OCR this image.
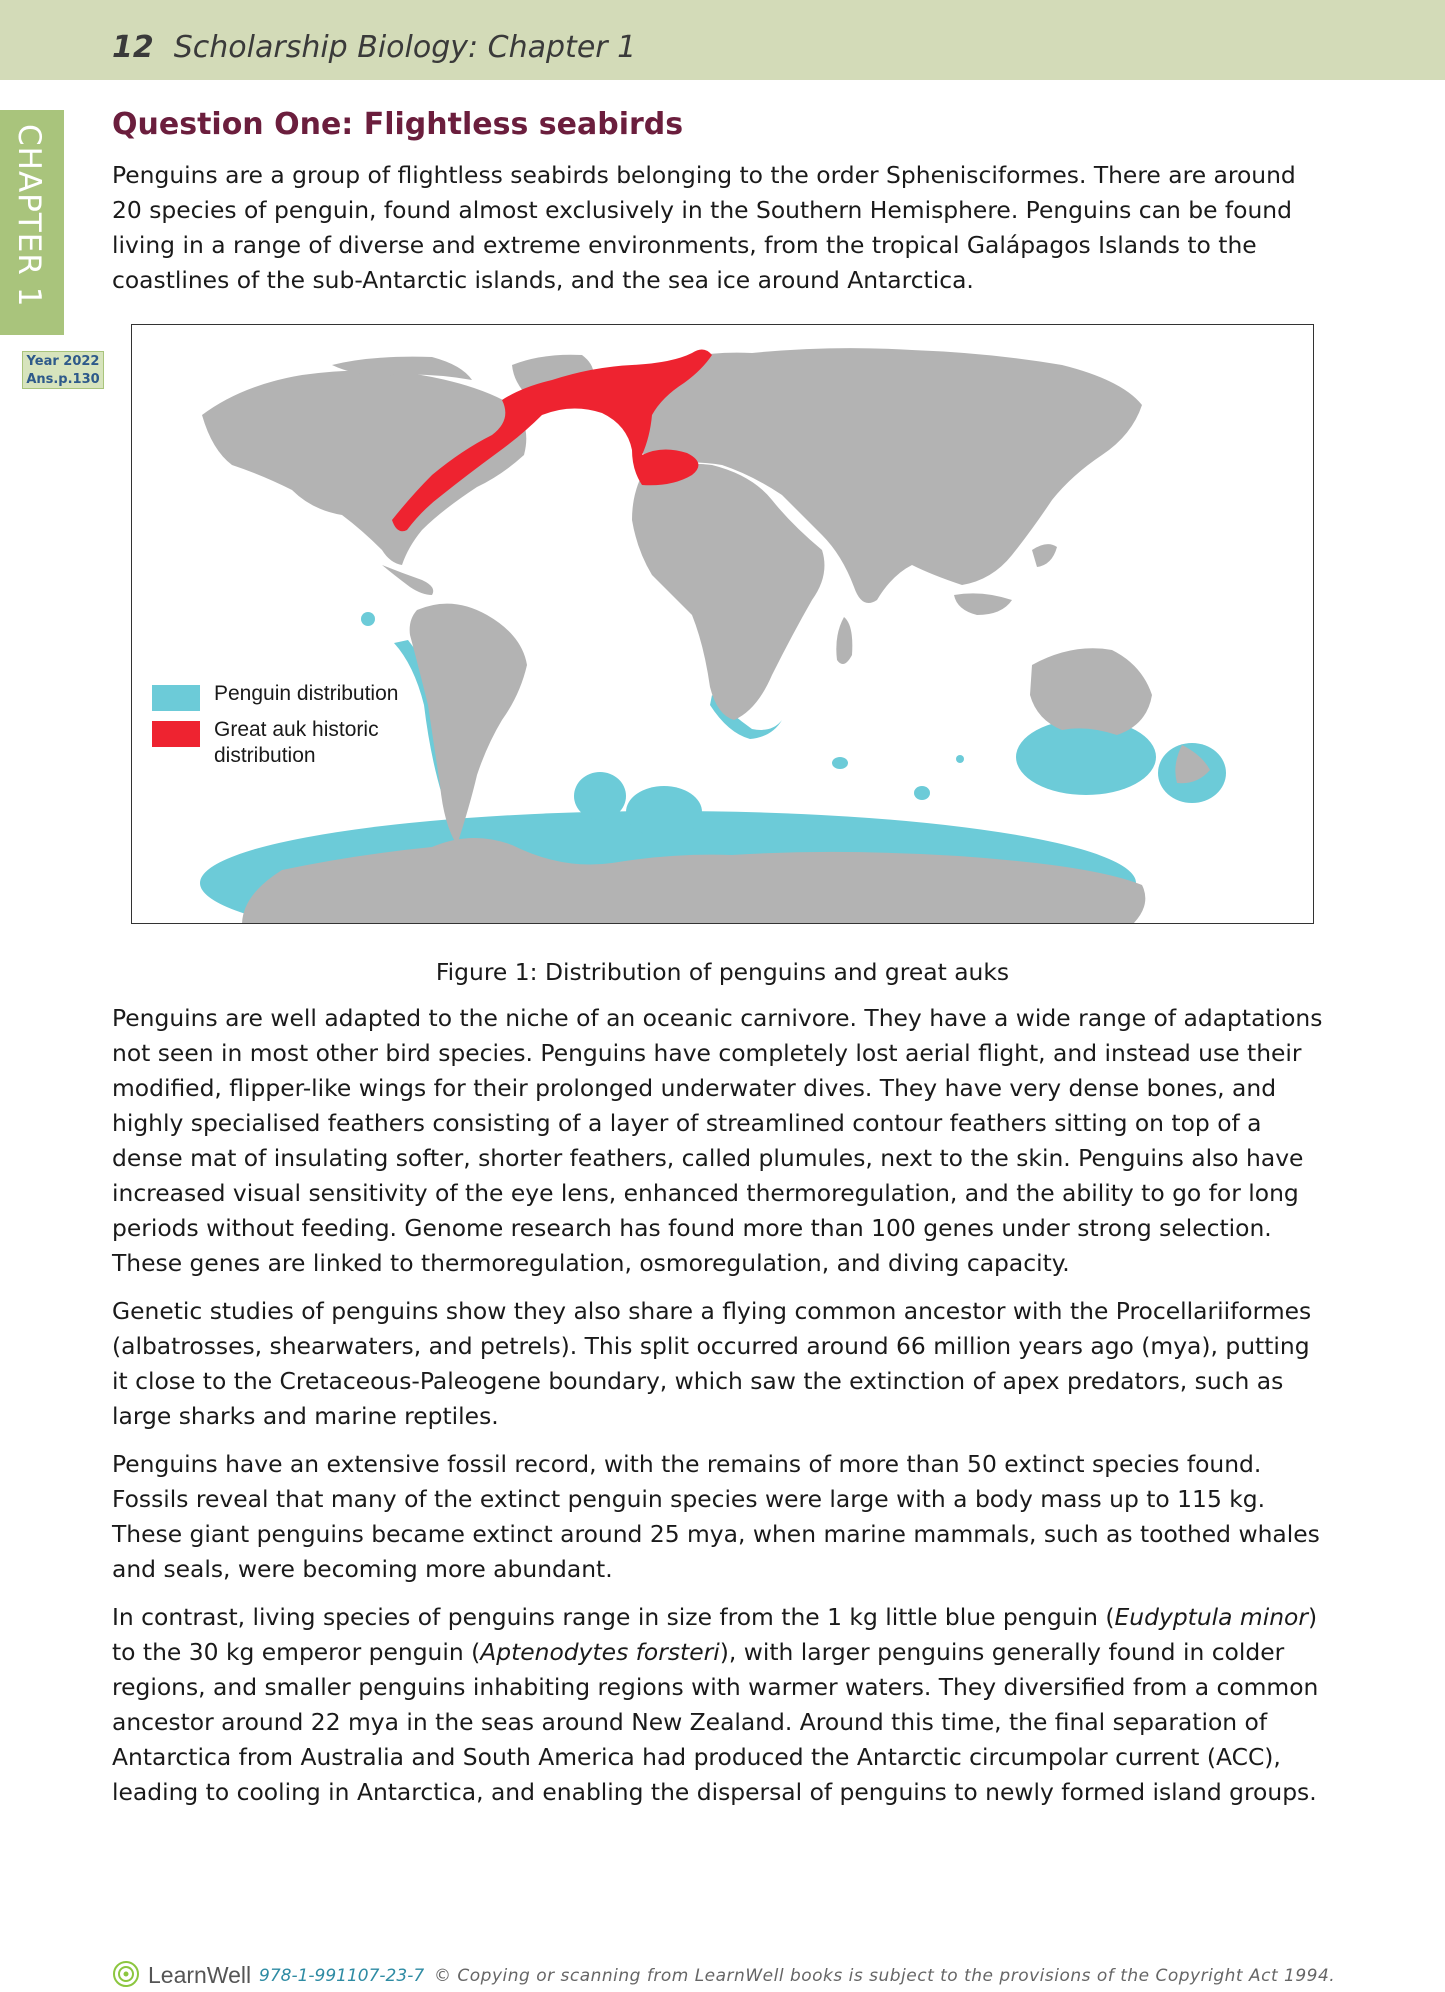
12 Scholarship Biology: Chapter 1
CHAPTER 1
Year 2022
Ans.p.130
Question One: Flightless seabirds

Penguins are a group of flightless seabirds belonging to the order Sphenisciformes. There are around 20 species of penguin, found almost exclusively in the Southern Hemisphere. Penguins can be found living in a range of diverse and extreme environments, from the tropical Galápagos Islands to the coastlines of the sub-Antarctic islands, and the sea ice around Antarctica.

Penguin distribution
Great auk historic distribution
Figure 1: Distribution of penguins and great auks

Penguins are well adapted to the niche of an oceanic carnivore. They have a wide range of adaptations not seen in most other bird species. Penguins have completely lost aerial flight, and instead use their modified, flipper-like wings for their prolonged underwater dives. They have very dense bones, and highly specialised feathers consisting of a layer of streamlined contour feathers sitting on top of a dense mat of insulating softer, shorter feathers, called plumules, next to the skin. Penguins also have increased visual sensitivity of the eye lens, enhanced thermoregulation, and the ability to go for long periods without feeding. Genome research has found more than 100 genes under strong selection. These genes are linked to thermoregulation, osmoregulation, and diving capacity.

Genetic studies of penguins show they also share a flying common ancestor with the Procellariiformes (albatrosses, shearwaters, and petrels). This split occurred around 66 million years ago (mya), putting it close to the Cretaceous-Paleogene boundary, which saw the extinction of apex predators, such as large sharks and marine reptiles.

Penguins have an extensive fossil record, with the remains of more than 50 extinct species found. Fossils reveal that many of the extinct penguin species were large with a body mass up to 115 kg. These giant penguins became extinct around 25 mya, when marine mammals, such as toothed whales and seals, were becoming more abundant.

In contrast, living species of penguins range in size from the 1 kg little blue penguin (Eudyptula minor) to the 30 kg emperor penguin (Aptenodytes forsteri), with larger penguins generally found in colder regions, and smaller penguins inhabiting regions with warmer waters. They diversified from a common ancestor around 22 mya in the seas around New Zealand. Around this time, the final separation of Antarctica from Australia and South America had produced the Antarctic circumpolar current (ACC), leading to cooling in Antarctica, and enabling the dispersal of penguins to newly formed island groups.

LearnWell 978-1-991107-23-7 © Copying or scanning from LearnWell books is subject to the provisions of the Copyright Act 1994.
